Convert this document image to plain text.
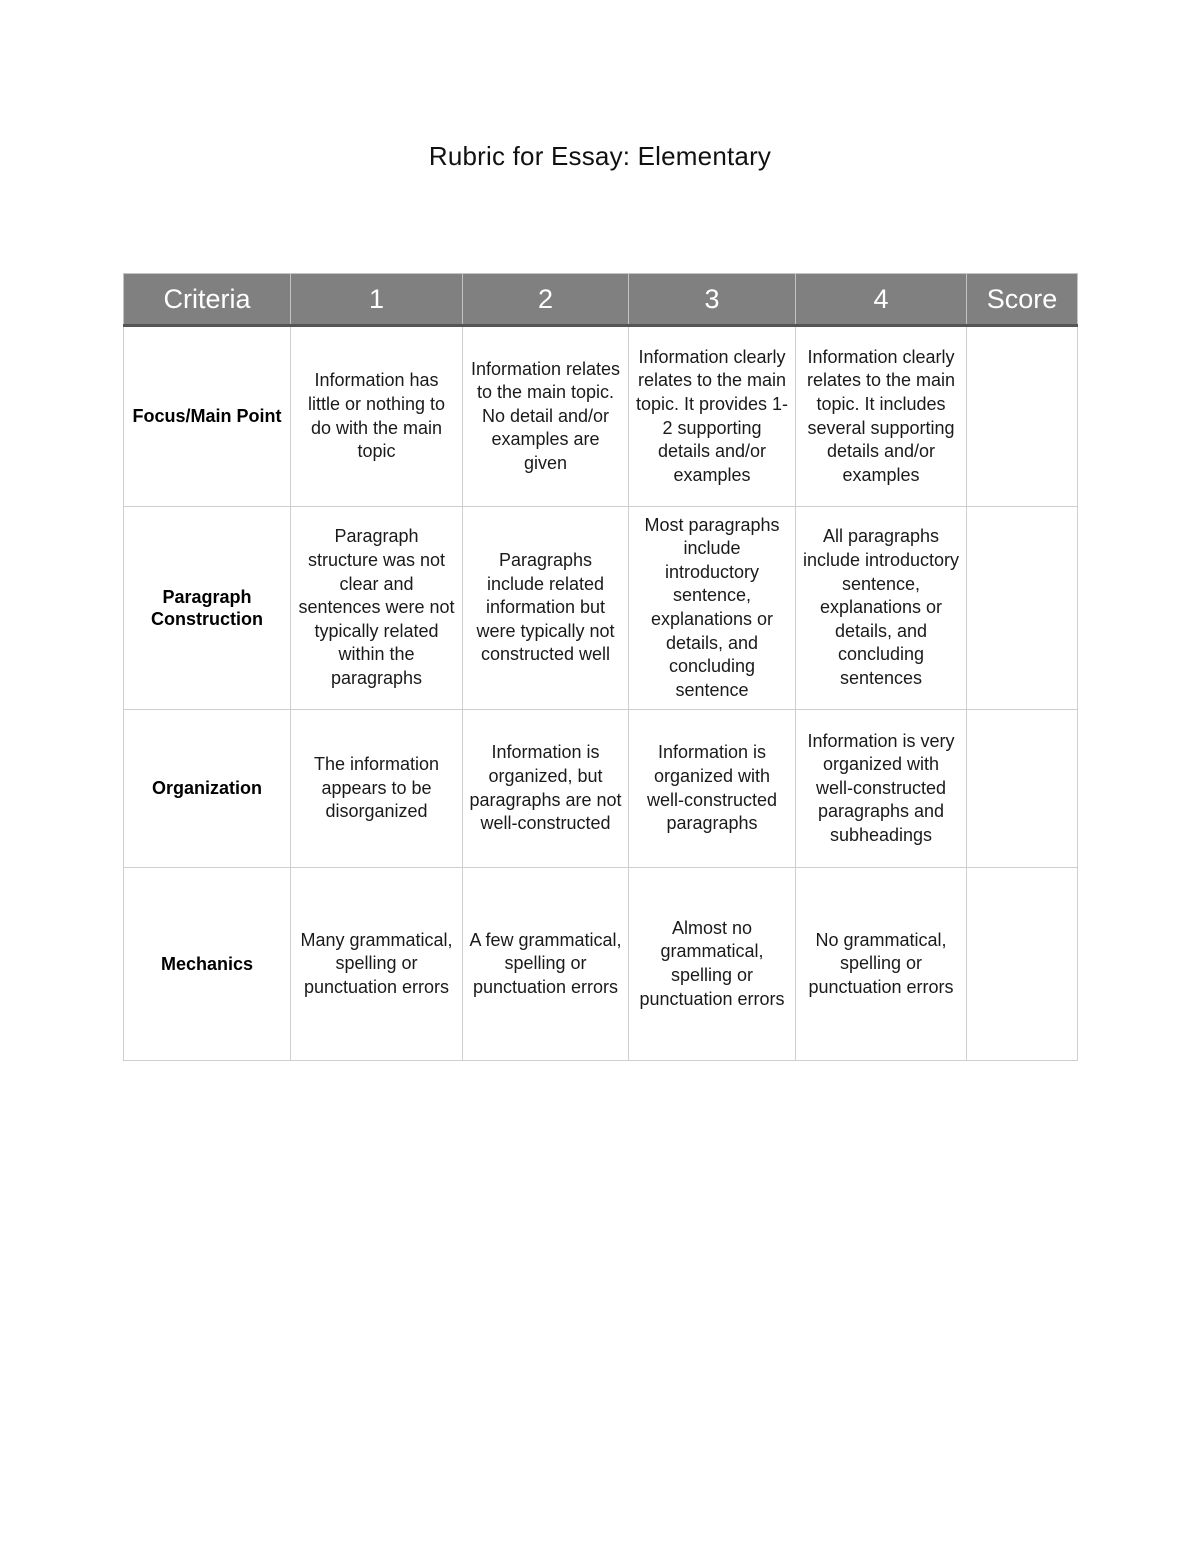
Rubric for Essay: Elementary
Criteria	1	2	3	4	Score
Focus/Main Point	Information has little or nothing to do with the main topic	Information relates to the main topic. No detail and/or examples are given	Information clearly relates to the main topic. It provides 1-2 supporting details and/or examples	Information clearly relates to the main topic. It includes several supporting details and/or examples	
Paragraph Construction	Paragraph structure was not clear and sentences were not typically related within the paragraphs	Paragraphs include related information but were typically not constructed well	Most paragraphs include introductory sentence, explanations or details, and concluding sentence	All paragraphs include introductory sentence, explanations or details, and concluding sentences	
Organization	The information appears to be disorganized	Information is organized, but paragraphs are not well-constructed	Information is organized with well-constructed paragraphs	Information is very organized with well-constructed paragraphs and subheadings	
Mechanics	Many grammatical, spelling or punctuation errors	A few grammatical, spelling or punctuation errors	Almost no grammatical, spelling or punctuation errors	No grammatical, spelling or punctuation errors	
